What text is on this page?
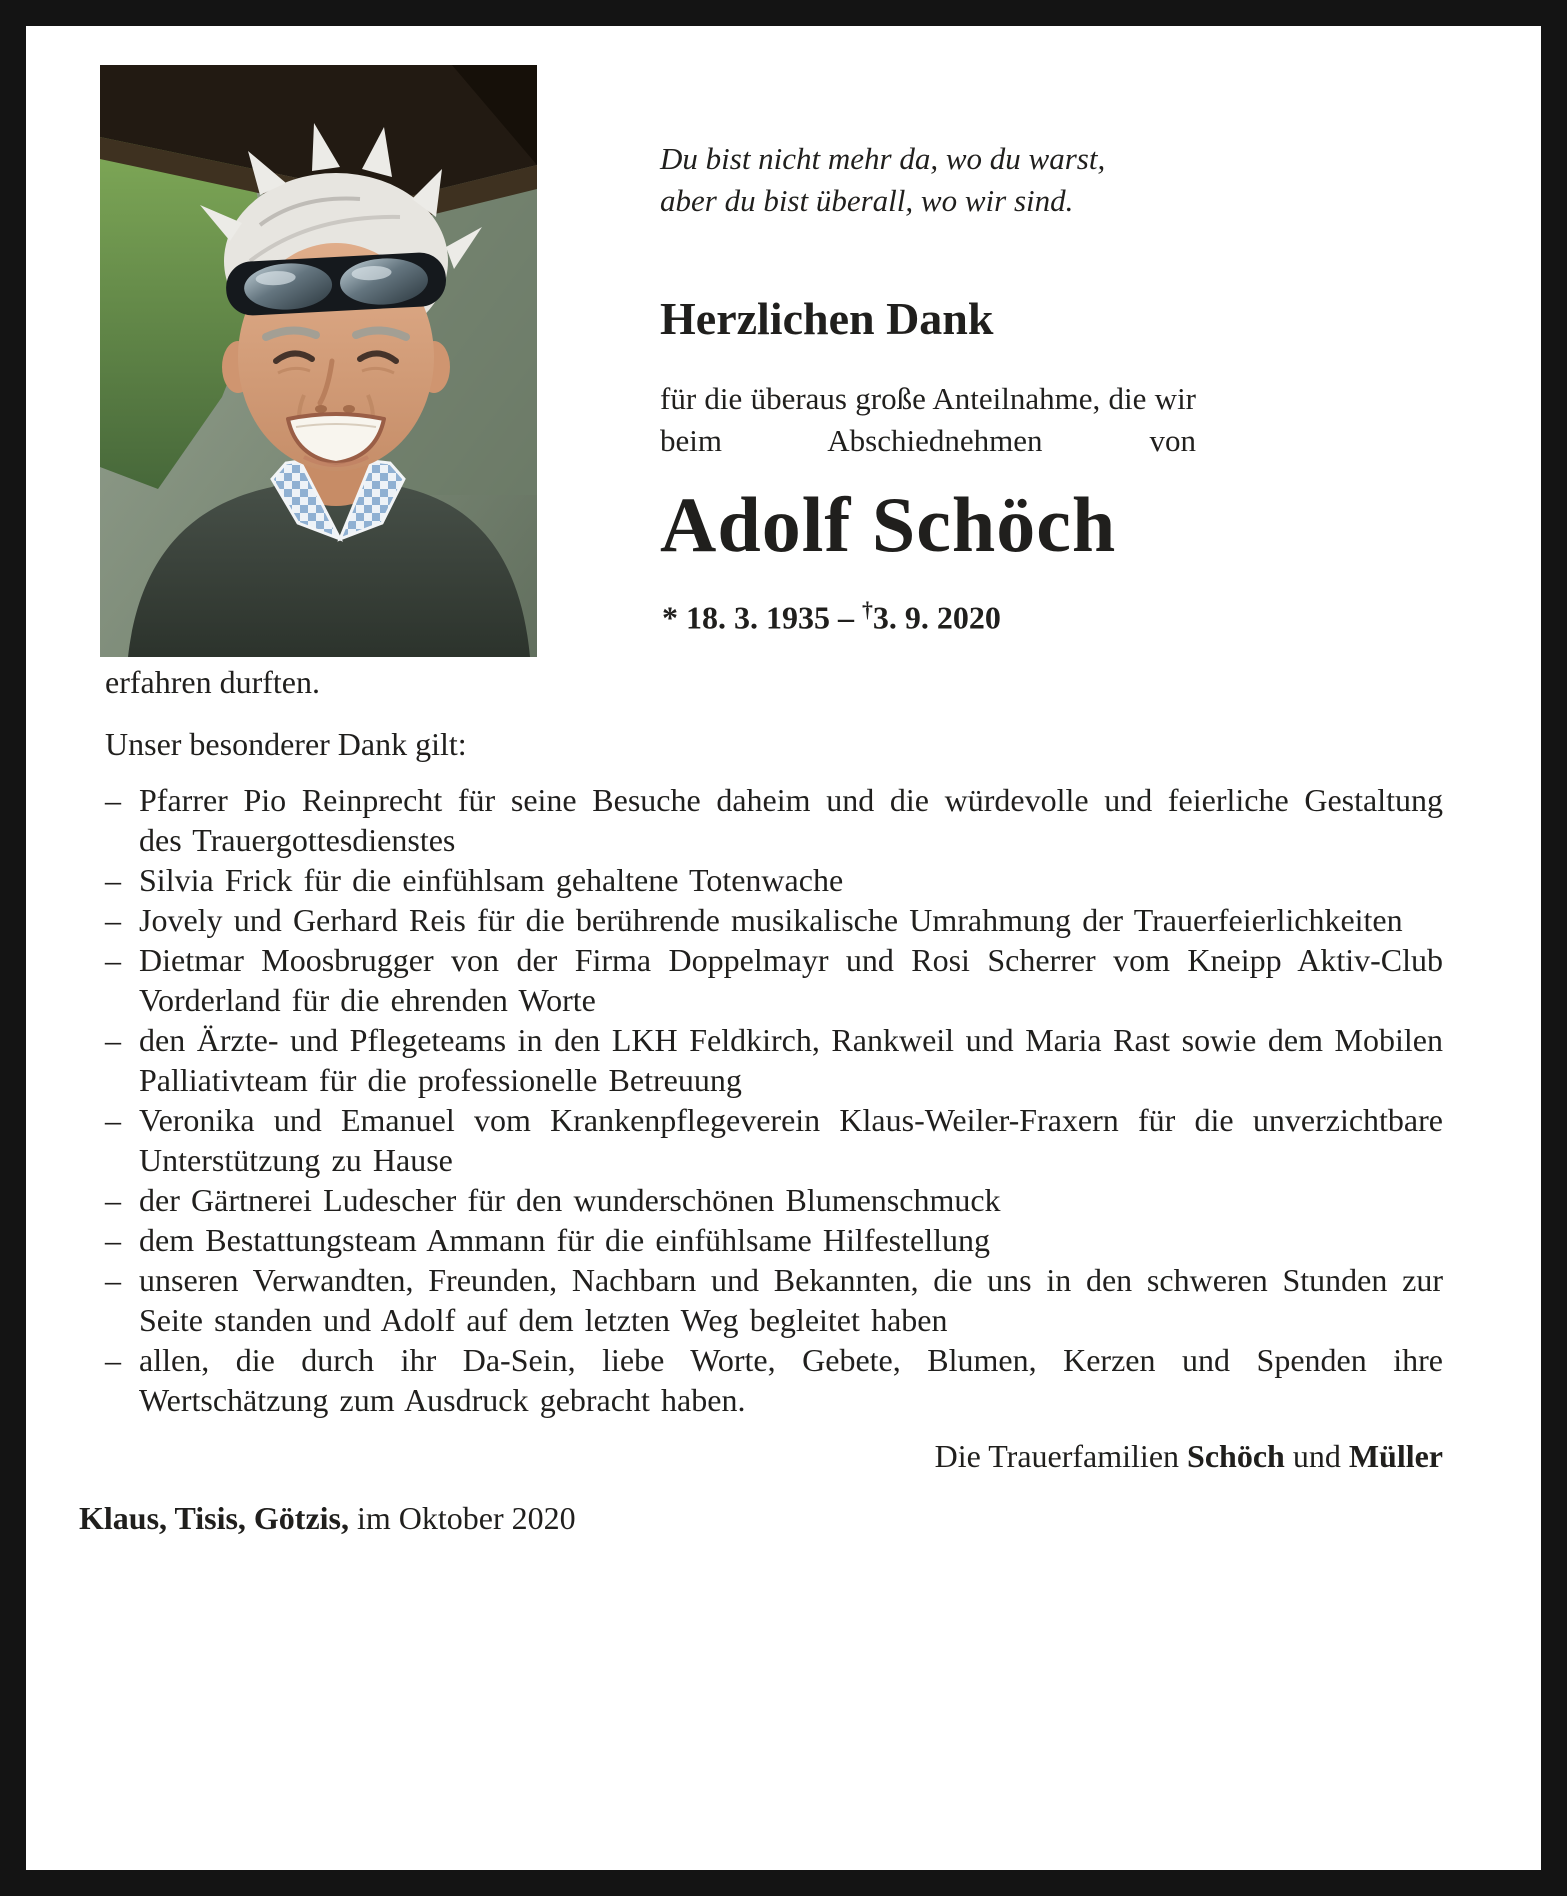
Du bist nicht mehr da, wo du warst,
aber du bist überall, wo wir sind.
Herzlichen Dank
für die überaus große Anteilnahme, die wir beim Abschiednehmen von
Adolf Schöch
* 18. 3. 1935 – †3. 9. 2020
erfahren durften.
Unser besonderer Dank gilt:
– Pfarrer Pio Reinprecht für seine Besuche daheim und die würdevolle und feierliche Gestaltung des Trauergottesdienstes
– Silvia Frick für die einfühlsam gehaltene Totenwache
– Jovely und Gerhard Reis für die berührende musikalische Umrahmung der Trauerfeierlichkeiten
– Dietmar Moosbrugger von der Firma Doppelmayr und Rosi Scherrer vom Kneipp Aktiv-Club Vorderland für die ehrenden Worte
– den Ärzte- und Pflegeteams in den LKH Feldkirch, Rankweil und Maria Rast sowie dem Mobilen Palliativteam für die professionelle Betreuung
– Veronika und Emanuel vom Krankenpflegeverein Klaus-Weiler-Fraxern für die unverzichtbare Unterstützung zu Hause
– der Gärtnerei Ludescher für den wunderschönen Blumenschmuck
– dem Bestattungsteam Ammann für die einfühlsame Hilfestellung
– unseren Verwandten, Freunden, Nachbarn und Bekannten, die uns in den schweren Stunden zur Seite standen und Adolf auf dem letzten Weg begleitet haben
– allen, die durch ihr Da-Sein, liebe Worte, Gebete, Blumen, Kerzen und Spenden ihre Wertschätzung zum Ausdruck gebracht haben.
Die Trauerfamilien Schöch und Müller
Klaus, Tisis, Götzis, im Oktober 2020
